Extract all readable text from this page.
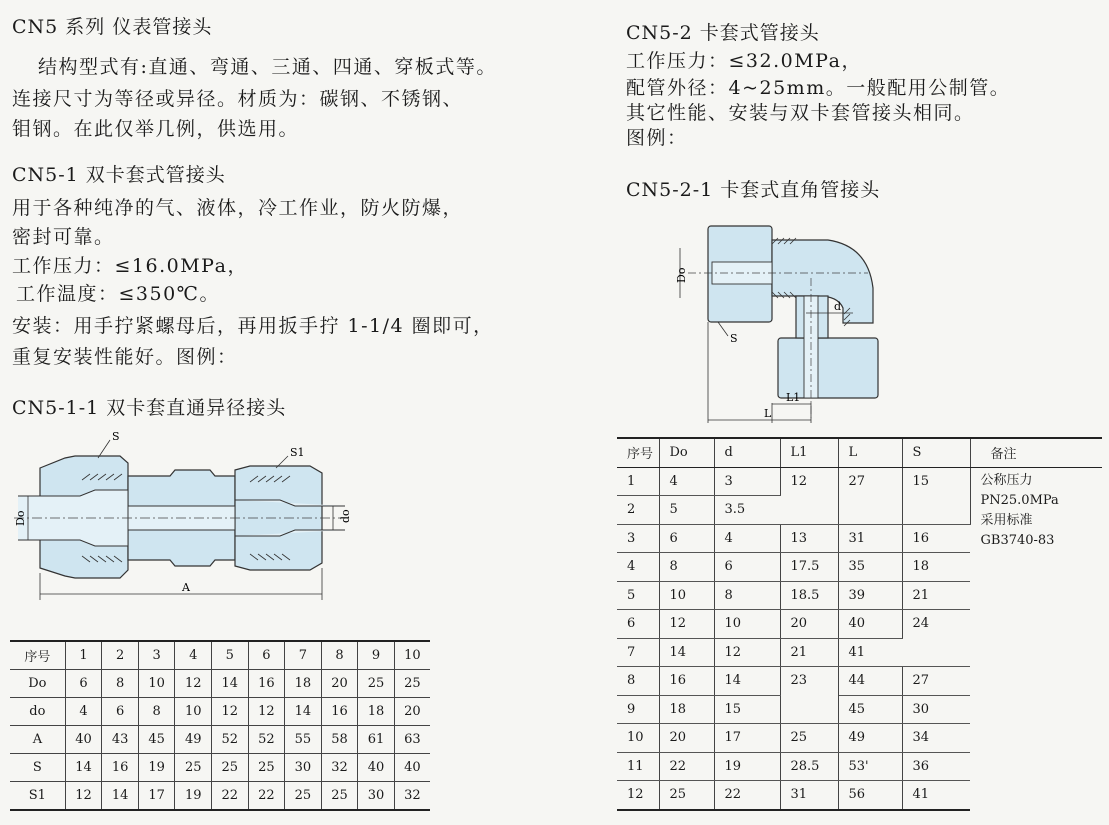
CN5 系列 仪表管接头
结构型式有:直通、弯通、三通、四通、穿板式等。
连接尺寸为等径或异径。材质为：碳钢、不锈钢、
钼钢。在此仅举几例，供选用。
CN5-1 双卡套式管接头
用于各种纯净的气、液体，冷工作业，防火防爆，
密封可靠。
工作压力：≤16.0MPa，
工作温度：≤350℃。
安装：用手拧紧螺母后，再用扳手拧 1-1/4 圈即可，
重复安装性能好。图例：
CN5-1-1 双卡套直通异径接头
Do	do
S
S1
A
序号	1	2	3	4	5	6	7	8	9	10
Do	6	8	10	12	14	16	18	20	25	25
do	4	6	8	10	12	12	14	16	18	20
A	40	43	45	49	52	52	55	58	61	63
S	14	16	19	25	25	25	30	32	40	40
S1	12	14	17	19	22	22	25	25	30	32
CN5-2 卡套式管接头
工作压力：≤32.0MPa，
配管外径：4~25mm。一般配用公制管。
其它性能、安装与双卡套管接头相同。
图例：
CN5-2-1 卡套式直角管接头
Do
d
S
L1
L
序号	Do	d	L1	L	S	备注
1	4	3	12	27	15	公称压力
PN25.0MPa
采用标准
GB3740-83

2	5	3.5				
3	6	4	13	31	16	
4	8	6	17.5	35	18	
5	10	8	18.5	39	21	
6	12	10	20	40	24	
7	14	12	21	41		
8	16	14	23	44	27	
9	18	15		45	30	
10	20	17	25	49	34	
11	22	19	28.5	53'	36	
12	25	22	31	56	41	
